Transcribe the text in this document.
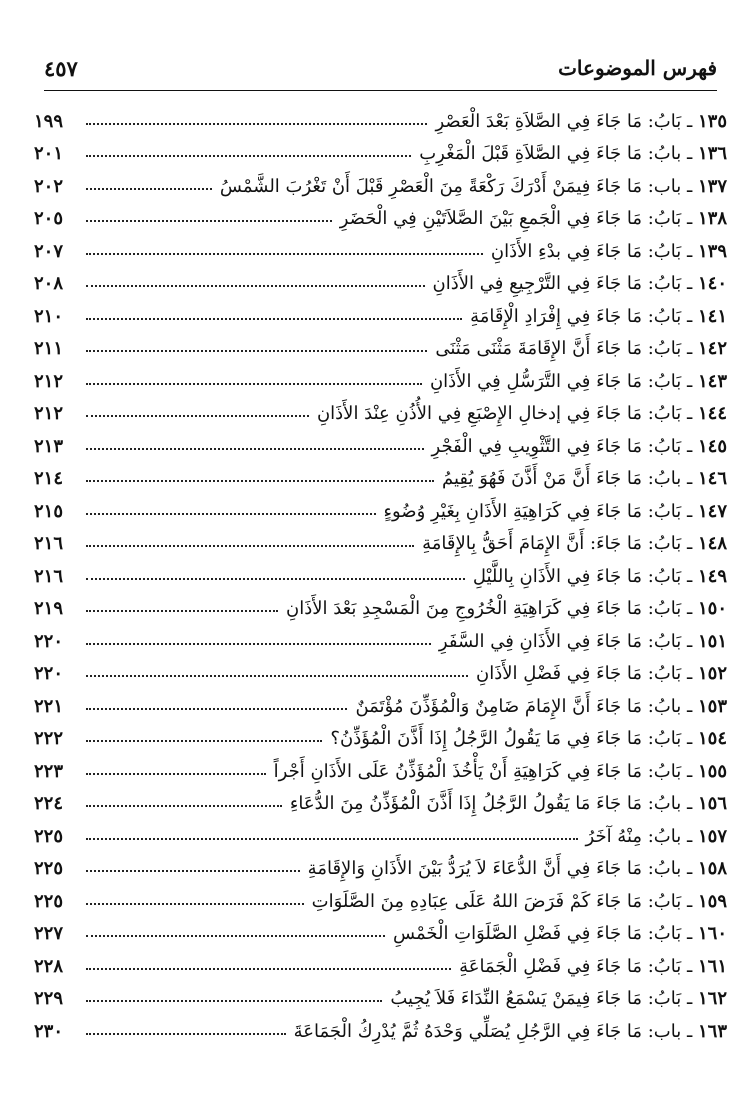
فهرس الموضوعات
٤٥٧
١٣٥ ـ بَابُ: مَا جَاءَ فِي الصَّلاَةِ بَعْدَ الْعَصْرِ
١٩٩
١٣٦ ـ بابُ: مَا جَاءَ فِي الصَّلاَةِ قَبْلَ الْمَغْرِبِ
٢٠١
١٣٧ ـ باب: مَا جَاءَ فِيمَنْ أَدْرَكَ رَكْعَةً مِنَ الْعَصْرِ قَبْلَ أَنْ تَغْرُبَ الشَّمْسُ
٢٠٢
١٣٨ ـ بَابُ: مَا جَاءَ فِي الْجَمعِ بَيْنَ الصَّلاَتَيْنِ فِي الْحَضَرِ
٢٠٥
١٣٩ ـ بَابُ: مَا جَاءَ فِي بدْءِ الأَذَانِ
٢٠٧
١٤٠ ـ بَابُ: مَا جَاءَ فِي التَّرْجِيعِ فِي الأَذَانِ
٢٠٨
١٤١ ـ بَابُ: مَا جَاءَ فِي إِفْرَادِ الْإِقَامَةِ
٢١٠
١٤٢ ـ بَابُ: مَا جَاءَ أَنَّ الإِقَامَةَ مَثْنَى مَثْنَى
٢١١
١٤٣ ـ بَابُ: مَا جَاءَ فِي التَّرَسُّلِ فِي الأَذَانِ
٢١٢
١٤٤ ـ بَابُ: مَا جَاءَ فِي إدخالِ الإِصْبَعِ فِي الأُذُنِ عِنْدَ الأَذَانِ
٢١٢
١٤٥ ـ بَابُ: مَا جَاءَ فِي التَّثْوِيبِ فِي الْفَجْرِ
٢١٣
١٤٦ ـ بابُ: مَا جَاءَ أَنَّ مَنْ أَذَّنَ فَهُوَ يُقِيمُ
٢١٤
١٤٧ ـ بَابُ: مَا جَاءَ فِي كَرَاهِيَةِ الأَذَانِ بِغَيْرِ وُضُوءٍ
٢١٥
١٤٨ ـ بَابُ: مَا جَاءَ: أَنَّ الإِمَامَ أَحَقُّ بِالإِقَامَةِ
٢١٦
١٤٩ ـ بَابُ: مَا جَاءَ فِي الأَذَانِ بِاللَّيْلِ
٢١٦
١٥٠ ـ بَابُ: مَا جَاءَ فِي كَرَاهِيَةِ الْخُرُوجِ مِنَ الْمَسْجِدِ بَعْدَ الأَذَانِ
٢١٩
١٥١ ـ بَابُ: مَا جَاءَ فِي الأَذَانِ فِي السَّفَرِ
٢٢٠
١٥٢ ـ بَابُ: مَا جَاءَ فِي فَضْلِ الأَذَانِ
٢٢٠
١٥٣ ـ بابُ: مَا جَاءَ أَنَّ الإِمَامَ ضَامِنٌ وَالْمُؤَذِّنَ مُؤْتَمَنٌ
٢٢١
١٥٤ ـ بَابُ: مَا جَاءَ فِي مَا يَقُولُ الرَّجُلُ إِذَا أَذَّنَ الْمُؤَذِّنُ؟
٢٢٢
١٥٥ ـ بَابُ: مَا جَاءَ فِي كَرَاهِيَةِ أَنْ يَأْخُذَ الْمُؤَذِّنُ عَلَى الأَذَانِ أَجْراً
٢٢٣
١٥٦ ـ بابُ: مَا جَاءَ مَا يَقُولُ الرَّجُلُ إِذَا أَذَّنَ الْمُؤَذِّنُ مِنَ الدُّعَاءِ
٢٢٤
١٥٧ ـ بابُ: مِنْهُ آخَرُ
٢٢٥
١٥٨ ـ بابُ: مَا جَاءَ فِي أَنَّ الدُّعَاءَ لاَ يُرَدُّ بَيْنَ الأَذَانِ وَالإِقَامَةِ
٢٢٥
١٥٩ ـ بَابُ: مَا جَاءَ كَمْ فَرَضَ اللهُ عَلَى عِبَادِهِ مِنَ الصَّلَوَاتِ
٢٢٥
١٦٠ ـ بَابُ: مَا جَاءَ فِي فَضْلِ الصَّلَوَاتِ الْخَمْسِ
٢٢٧
١٦١ ـ بَابُ: مَا جَاءَ فِي فَضْلِ الْجَمَاعَةِ
٢٢٨
١٦٢ ـ بَابُ: مَا جَاءَ فِيمَنْ يَسْمَعُ النِّدَاءَ فَلاَ يُجِيبُ
٢٢٩
١٦٣ ـ باب: مَا جَاءَ فِي الرَّجُلِ يُصَلِّي وَحْدَهُ ثُمَّ يُدْرِكُ الْجَمَاعَةَ
٢٣٠
